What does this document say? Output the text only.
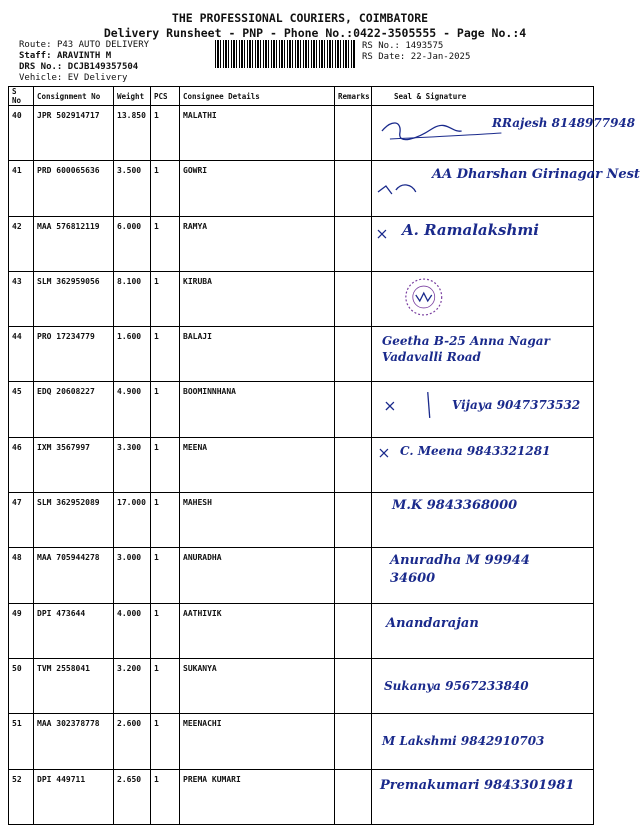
THE PROFESSIONAL COURIERS, COIMBATORE
Delivery Runsheet - PNP - Phone No.:0422-3505555 - Page No.:4
Route: P43 AUTO DELIVERY
Staff: ARAVINTH M
DRS No.: DCJB149357504
Vehicle: EV Delivery
RS No.: 1493575
RS Date: 22-Jan-2025
S No	Consignment No	Weight	PCS	Consignee Details	Remarks	Seal & Signature
40	JPR 502914717	13.850	1	MALATHI		RRajesh 8148977948

41	PRD 600065636	3.500	1	GOWRI		AA Dharshan Girinagar Nest

42	MAA 576812119	6.000	1	RAMYA		A. Ramalakshmi

43	SLM 362959056	8.100	1	KIRUBA		

44	PRO 17234779	1.600	1	BALAJI		Geetha B-25 Anna Nagar Vadavalli Road

45	EDQ 20608227	4.900	1	BOOMINNHANA		Vijaya 9047373532

46	IXM 3567997	3.300	1	MEENA		C. Meena 9843321281

47	SLM 362952089	17.000	1	MAHESH		M.K 9843368000

48	MAA 705944278	3.000	1	ANURADHA		Anuradha M 99944 34600

49	DPI 473644	4.000	1	AATHIVIK		Anandarajan

50	TVM 2558041	3.200	1	SUKANYA		Sukanya 9567233840

51	MAA 302378778	2.600	1	MEENACHI		M Lakshmi 9842910703

52	DPI 449711	2.650	1	PREMA KUMARI		Premakumari 9843301981
